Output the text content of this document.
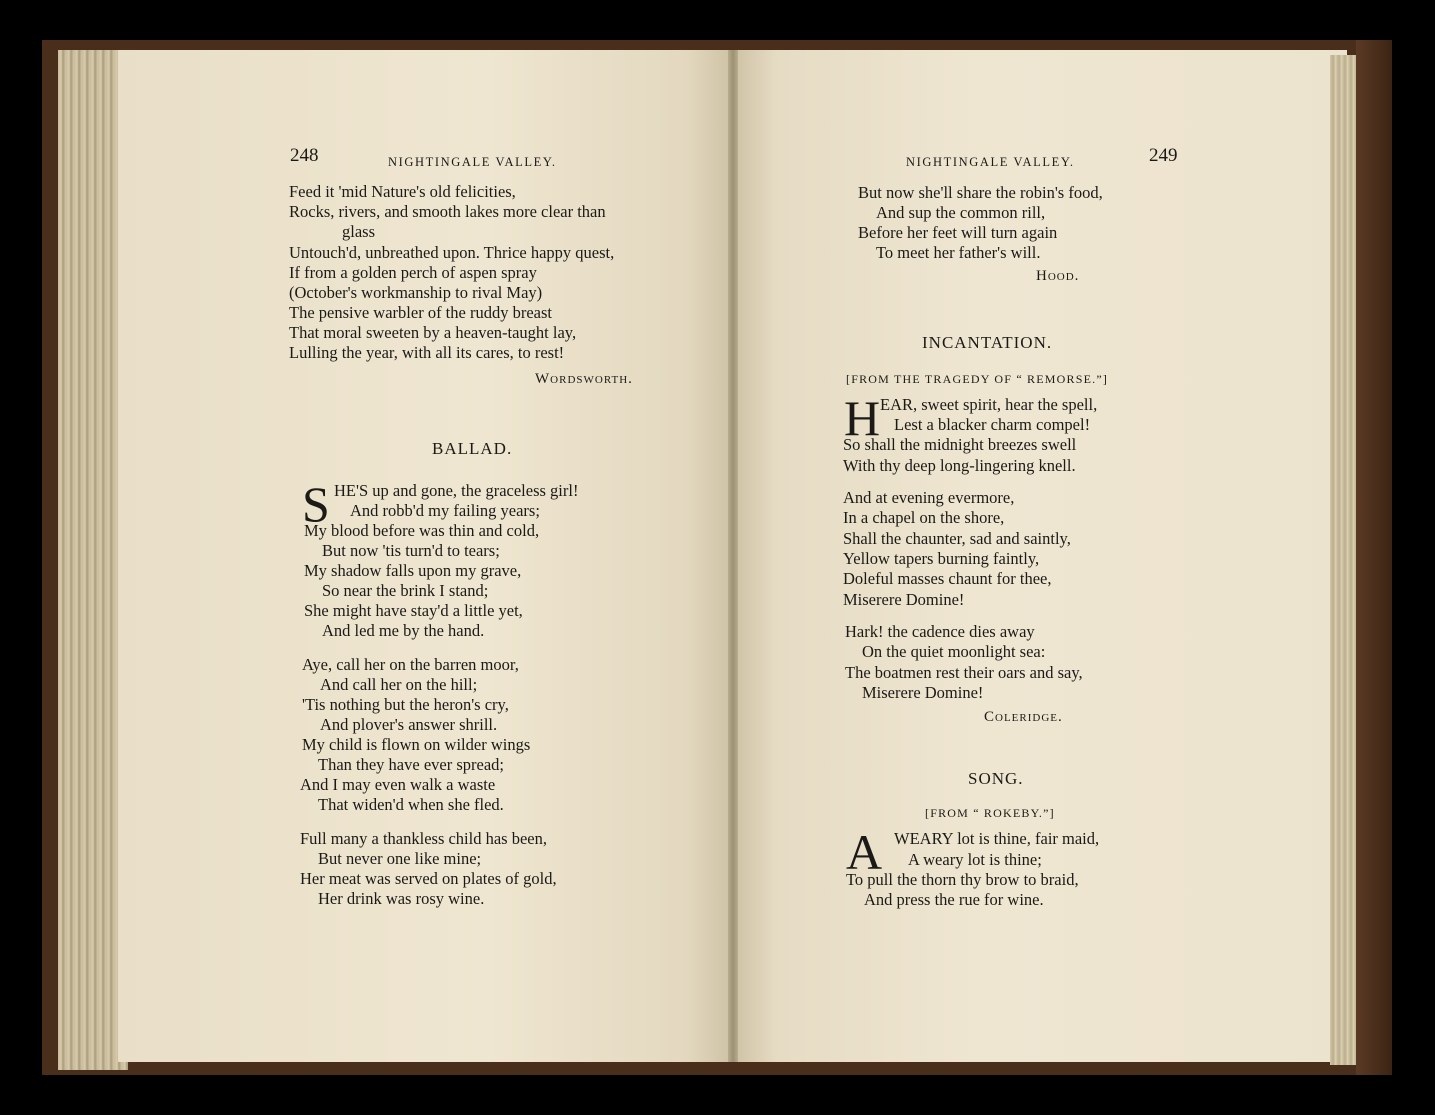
248	NIGHTINGALE VALLEY.
Feed it 'mid Nature's old felicities,
Rocks, rivers, and smooth lakes more clear than
glass
Untouch'd, unbreathed upon. Thrice happy quest,
If from a golden perch of aspen spray
(October's workmanship to rival May)
The pensive warbler of the ruddy breast
That moral sweeten by a heaven-taught lay,
Lulling the year, with all its cares, to rest!
Wordsworth.
BALLAD.
S HE'S up and gone, the graceless girl!
And robb'd my failing years;
My blood before was thin and cold,
But now 'tis turn'd to tears;
My shadow falls upon my grave,
So near the brink I stand;
She might have stay'd a little yet,
And led me by the hand.
Aye, call her on the barren moor,
And call her on the hill;
'Tis nothing but the heron's cry,
And plover's answer shrill.
My child is flown on wilder wings
Than they have ever spread;
And I may even walk a waste
That widen'd when she fled.
Full many a thankless child has been,
But never one like mine;
Her meat was served on plates of gold,
Her drink was rosy wine.
NIGHTINGALE VALLEY.	249
But now she'll share the robin's food,
And sup the common rill,
Before her feet will turn again
To meet her father's will.
Hood.
INCANTATION.
[FROM THE TRAGEDY OF “ REMORSE.”]
H EAR, sweet spirit, hear the spell,
Lest a blacker charm compel!
So shall the midnight breezes swell
With thy deep long-lingering knell.
And at evening evermore,
In a chapel on the shore,
Shall the chaunter, sad and saintly,
Yellow tapers burning faintly,
Doleful masses chaunt for thee,
Miserere Domine!
Hark! the cadence dies away
On the quiet moonlight sea:
The boatmen rest their oars and say,
Miserere Domine!
Coleridge.
SONG.
[FROM “ ROKEBY.”]
A WEARY lot is thine, fair maid,
A weary lot is thine;
To pull the thorn thy brow to braid,
And press the rue for wine.
